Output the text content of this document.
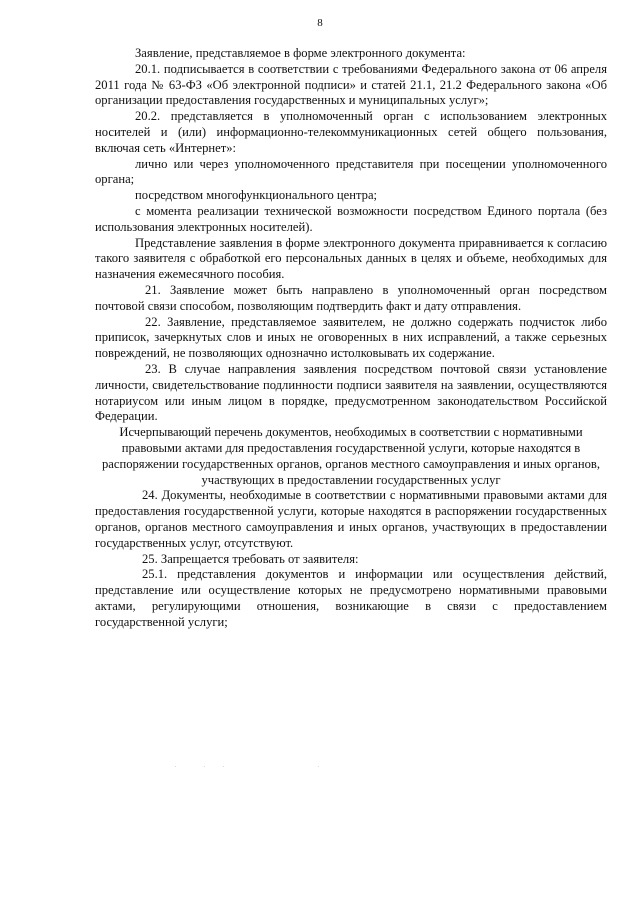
8

Заявление, представляемое в форме электронного документа:

20.1. подписывается в соответствии с требованиями Федерального закона от 06 апреля 2011 года № 63-ФЗ «Об электронной подписи» и статей 21.1, 21.2 Федерального закона «Об организации предоставления государственных и муниципальных услуг»;

20.2. представляется в уполномоченный орган с использованием электронных носителей и (или) информационно-телекоммуникационных сетей общего пользования, включая сеть «Интернет»:

лично или через уполномоченного представителя при посещении уполномоченного органа;

посредством многофункционального центра;

с момента реализации технической возможности посредством Единого портала (без использования электронных носителей).

Представление заявления в форме электронного документа приравнивается к согласию такого заявителя с обработкой его персональных данных в целях и объеме, необходимых для назначения ежемесячного пособия.

21. Заявление может быть направлено в уполномоченный орган посредством почтовой связи способом, позволяющим подтвердить факт и дату отправления.

22. Заявление, представляемое заявителем, не должно содержать подчисток либо приписок, зачеркнутых слов и иных не оговоренных в них исправлений, а также серьезных повреждений, не позволяющих однозначно истолковывать их содержание.

23. В случае направления заявления посредством почтовой связи установление личности, свидетельствование подлинности подписи заявителя на заявлении, осуществляются нотариусом или иным лицом в порядке, предусмотренном законодательством Российской Федерации.

Исчерпывающий перечень документов, необходимых в соответствии с нормативными правовыми актами для предоставления государственной услуги, которые находятся в распоряжении государственных органов, органов местного самоуправления и иных органов, участвующих в предоставлении государственных услуг

24. Документы, необходимые в соответствии с нормативными правовыми актами для предоставления государственной услуги, которые находятся в распоряжении государственных органов, органов местного самоуправления и иных органов, участвующих в предоставлении государственных услуг, отсутствуют.

25. Запрещается требовать от заявителя:

25.1. представления документов и информации или осуществления действий, представление или осуществление которых не предусмотрено нормативными правовыми актами, регулирующими отношения, возникающие в связи с предоставлением государственной услуги;

.  . .         .
